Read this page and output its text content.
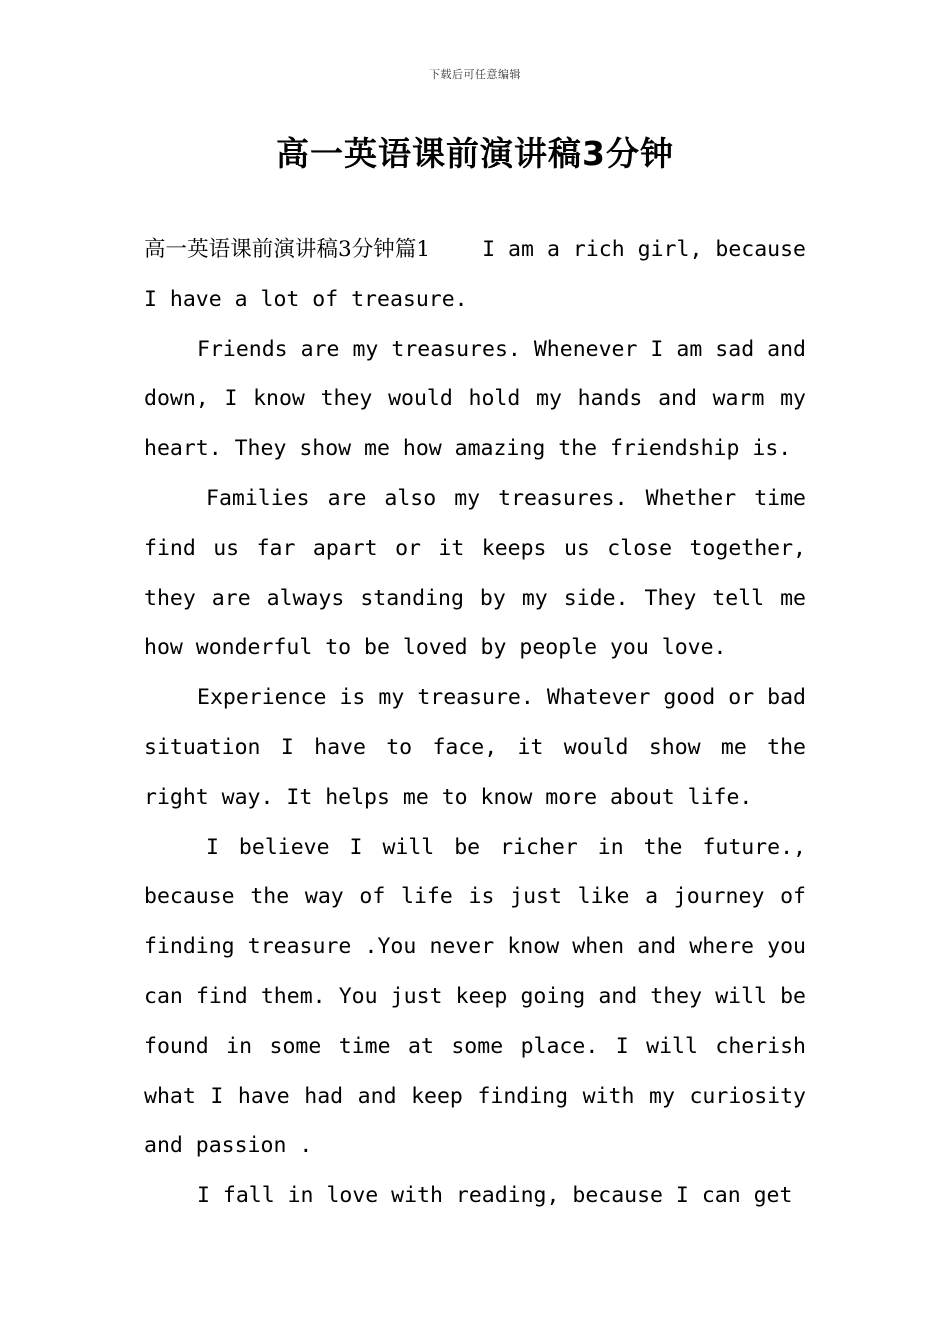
下载后可任意编辑
高一英语课前演讲稿3分钟

高一英语课前演讲稿3分钟篇1 I am a rich girl, because I have a lot of treasure.

Friends are my treasures. Whenever I am sad and down, I know they would hold my hands and warm my heart. They show me how amazing the friendship is.

Families are also my treasures. Whether time find us far apart or it keeps us close together, they are always standing by my side. They tell me how wonderful to be loved by people you love.

Experience is my treasure. Whatever good or bad situation I have to face, it would show me the right way. It helps me to know more about life.

I believe I will be richer in the future., because the way of life is just like a journey of finding treasure .You never know when and where you can find them. You just keep going and they will be found in some time at some place. I will cherish what I have had and keep finding with my curiosity and passion .

I fall in love with reading, because I can get
